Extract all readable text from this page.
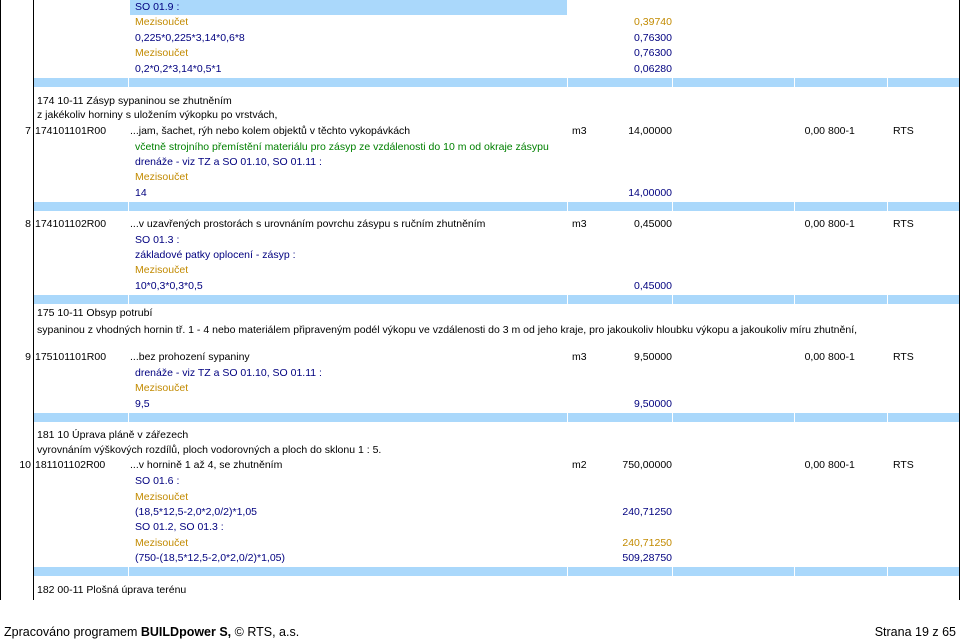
SO 01.9 :
Mezisoučet	0,39740
0,225*0,225*3,14*0,6*8	0,76300
Mezisoučet	0,76300
0,2*0,2*3,14*0,5*1	0,06280
174 10-11 Zásyp sypaninou se zhutněním
z jakékoliv horniny s uložením výkopku po vrstvách,
7 174101101R00 ...jam, šachet, rýh nebo kolem objektů v těchto vykopávkách	m3	14,00000	0,00 800-1	RTS
včetně strojního přemístění materiálu pro zásyp ze vzdálenosti do 10 m od okraje zásypu
drenáže - viz TZ a SO 01.10, SO 01.11 :
Mezisoučet
14	14,00000
8 174101102R00 ...v uzavřených prostorách s urovnáním povrchu zásypu s ručním zhutněním	m3	0,45000	0,00 800-1	RTS
SO 01.3 :
základové patky oplocení - zásyp :
Mezisoučet
10*0,3*0,3*0,5	0,45000
175 10-11 Obsyp potrubí
sypaninou z vhodných hornin tř. 1 - 4 nebo materiálem připraveným podél výkopu ve vzdálenosti do 3 m od jeho kraje, pro jakoukoliv hloubku výkopu a jakoukoliv míru zhutnění,
9 175101101R00 ...bez prohození sypaniny	m3	9,50000	0,00 800-1	RTS
drenáže - viz TZ a SO 01.10, SO 01.11 :
Mezisoučet
9,5	9,50000
181 10 Úprava pláně v zářezech
vyrovnáním výškových rozdílů, ploch vodorovných a ploch do sklonu 1 : 5.
10 181101102R00 ...v hornině 1 až 4, se zhutněním	m2	750,00000	0,00 800-1	RTS
SO 01.6 :
Mezisoučet
(18,5*12,5-2,0*2,0/2)*1,05	240,71250
SO 01.2, SO 01.3 :
Mezisoučet	240,71250
(750-(18,5*12,5-2,0*2,0/2)*1,05)	509,28750
182 00-11 Plošná úprava terénu
Zpracováno programem BUILDpower S, © RTS, a.s.	Strana 19 z 65
